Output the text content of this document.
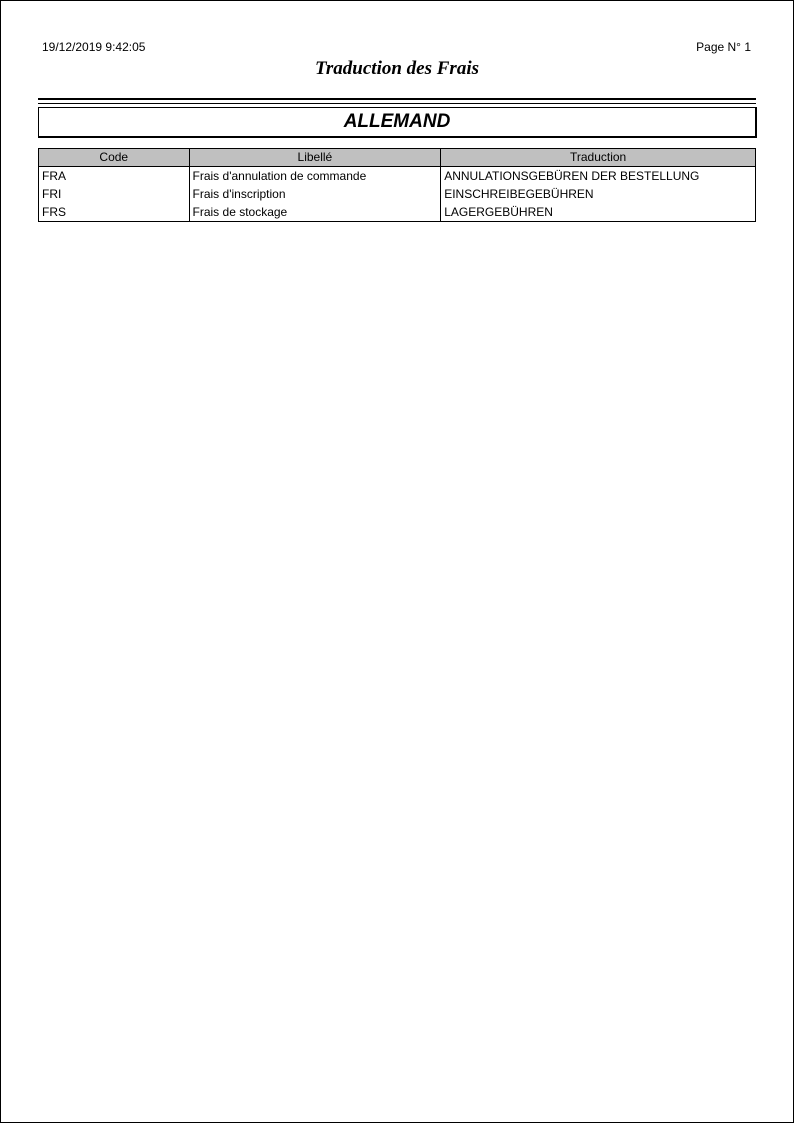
19/12/2019 9:42:05	Page N° 1
Traduction des Frais
ALLEMAND
Code	Libellé	Traduction
FRA	Frais d'annulation de commande	ANNULATIONSGEBÜREN DER BESTELLUNG
FRI	Frais d'inscription	EINSCHREIBEGEBÜHREN
FRS	Frais de stockage	LAGERGEBÜHREN
